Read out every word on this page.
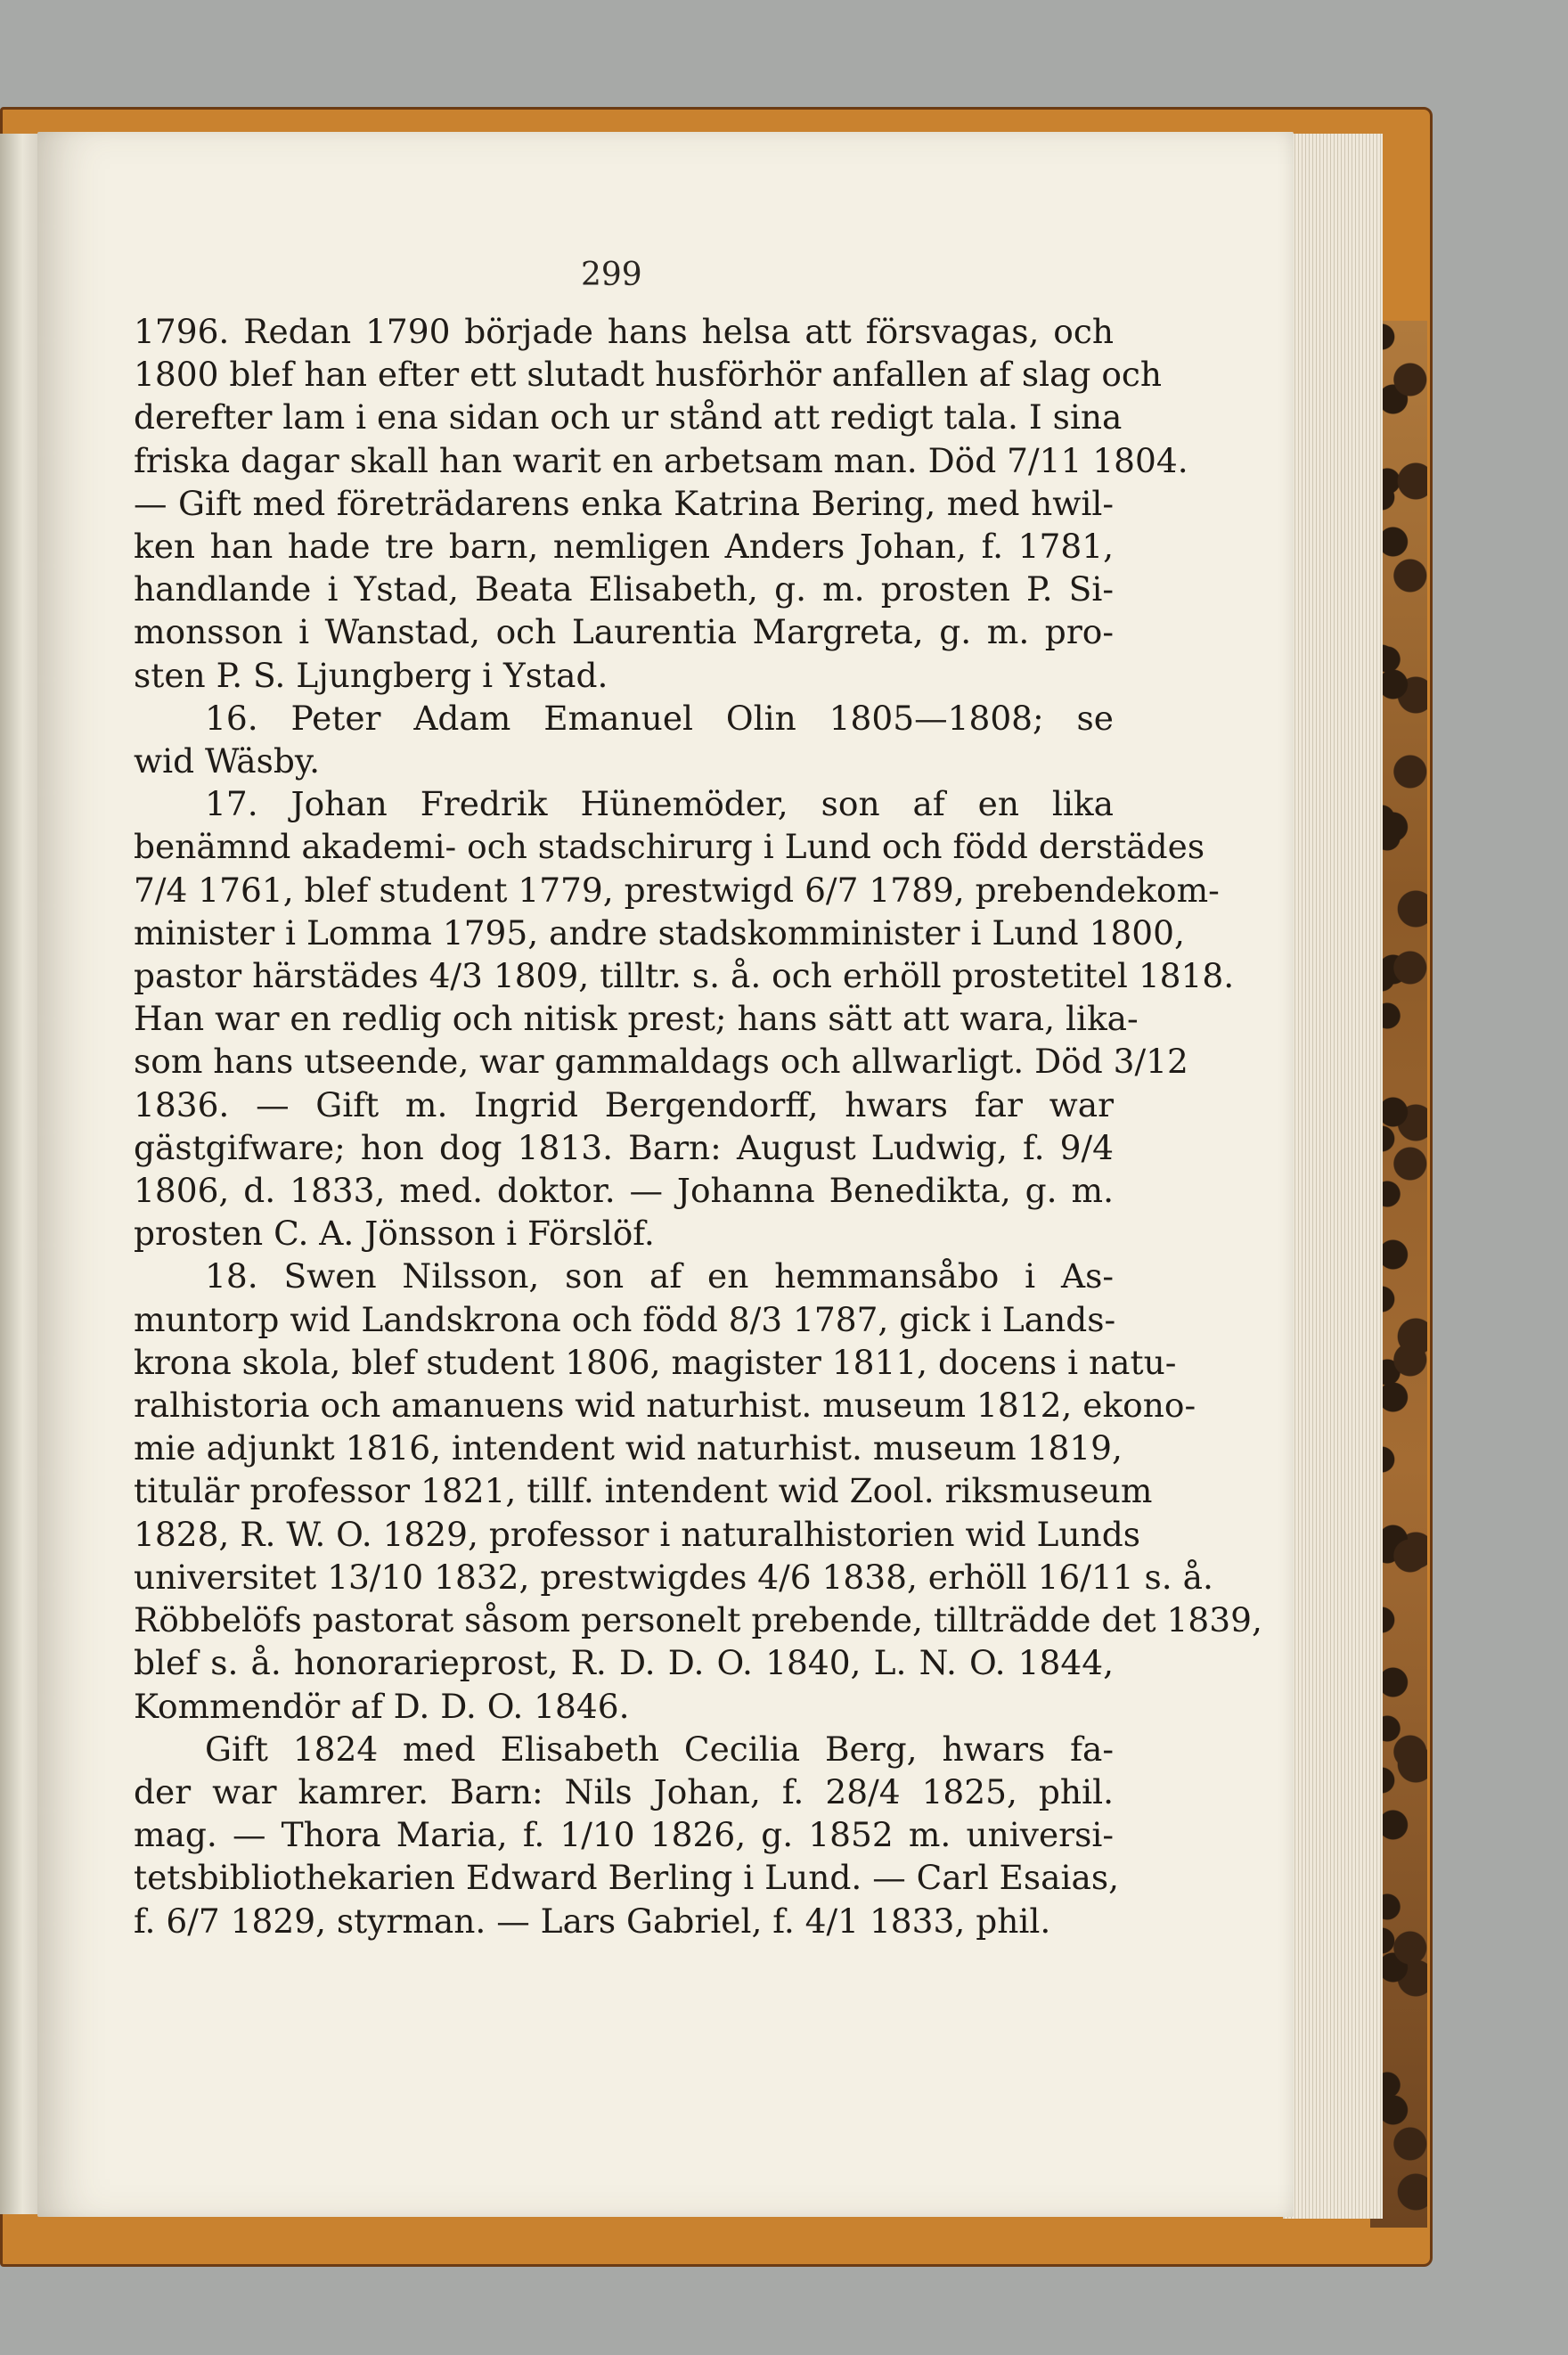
299
1796. Redan 1790 började hans helsa att försvagas, och
1800 blef han efter ett slutadt husförhör anfallen af slag och
derefter lam i ena sidan och ur stånd att redigt tala. I sina
friska dagar skall han warit en arbetsam man. Död 7/11 1804.
— Gift med företrädarens enka Katrina Bering, med hwil-
ken han hade tre barn, nemligen Anders Johan, f. 1781,
handlande i Ystad, Beata Elisabeth, g. m. prosten P. Si-
monsson i Wanstad, och Laurentia Margreta, g. m. pro-
sten P. S. Ljungberg i Ystad.
16. Peter Adam Emanuel Olin 1805—1808; se
wid Wäsby.
17. Johan Fredrik Hünemöder, son af en lika
benämnd akademi- och stadschirurg i Lund och född derstädes
7/4 1761, blef student 1779, prestwigd 6/7 1789, prebendekom-
minister i Lomma 1795, andre stadskomminister i Lund 1800,
pastor härstädes 4/3 1809, tilltr. s. å. och erhöll prostetitel 1818.
Han war en redlig och nitisk prest; hans sätt att wara, lika-
som hans utseende, war gammaldags och allwarligt. Död 3/12
1836. — Gift m. Ingrid Bergendorff, hwars far war
gästgifware; hon dog 1813. Barn: August Ludwig, f. 9/4
1806, d. 1833, med. doktor. — Johanna Benedikta, g. m.
prosten C. A. Jönsson i Förslöf.
18. Swen Nilsson, son af en hemmansåbo i As-
muntorp wid Landskrona och född 8/3 1787, gick i Lands-
krona skola, blef student 1806, magister 1811, docens i natu-
ralhistoria och amanuens wid naturhist. museum 1812, ekono-
mie adjunkt 1816, intendent wid naturhist. museum 1819,
titulär professor 1821, tillf. intendent wid Zool. riksmuseum
1828, R. W. O. 1829, professor i naturalhistorien wid Lunds
universitet 13/10 1832, prestwigdes 4/6 1838, erhöll 16/11 s. å.
Röbbelöfs pastorat såsom personelt prebende, tillträdde det 1839,
blef s. å. honorarieprost, R. D. D. O. 1840, L. N. O. 1844,
Kommendör af D. D. O. 1846.
Gift 1824 med Elisabeth Cecilia Berg, hwars fa-
der war kamrer. Barn: Nils Johan, f. 28/4 1825, phil.
mag. — Thora Maria, f. 1/10 1826, g. 1852 m. universi-
tetsbibliothekarien Edward Berling i Lund. — Carl Esaias,
f. 6/7 1829, styrman. — Lars Gabriel, f. 4/1 1833, phil.
